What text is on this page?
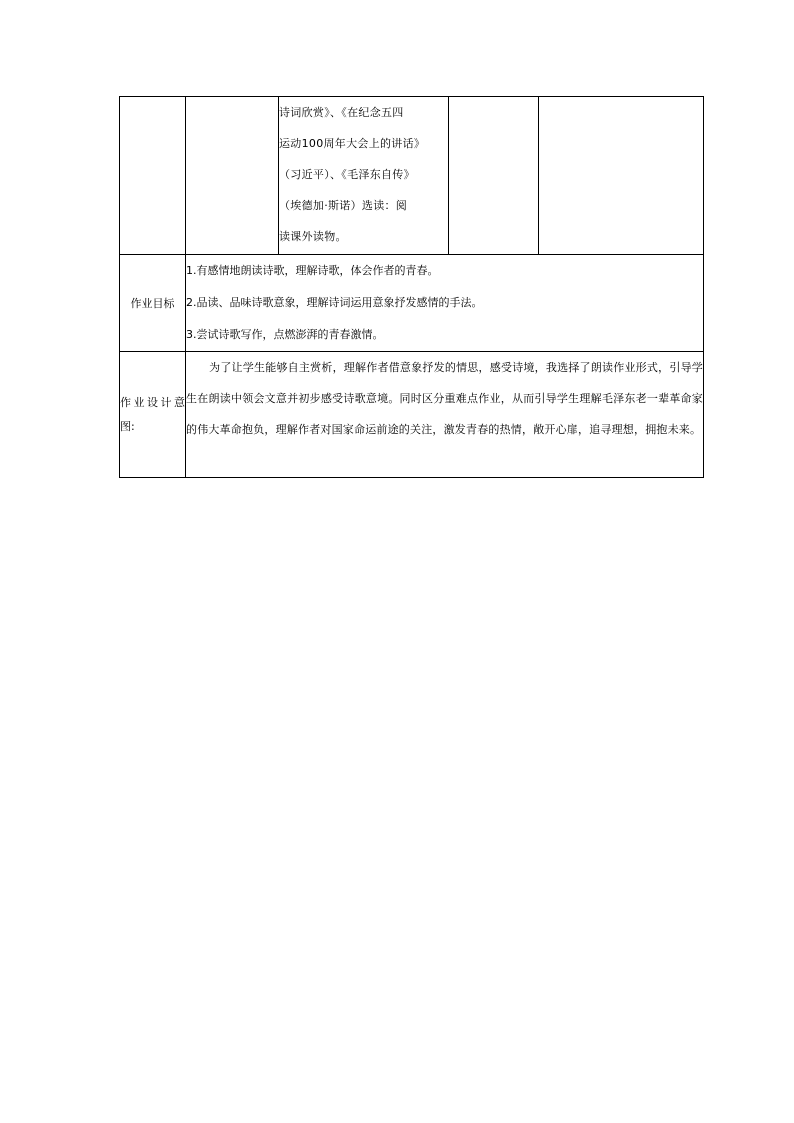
		诗词欣赏》、《在纪念五四
运动100周年大会上的讲话》
（习近平）、《毛泽东自传》
（埃德加·斯诺）选读：阅
读课外读物。		

作业目标	1.有感情地朗读诗歌，理解诗歌，体会作者的青春。
2.品读、品味诗歌意象，理解诗词运用意象抒发感情的手法。
3.尝试诗歌写作，点燃澎湃的青春激情。			

作业设计意图:	为了让学生能够自主赏析，理解作者借意象抒发的情思，感受诗境，我选择了朗读作业形式，引导学生在朗读中领会文意并初步感受诗歌意境。同时区分重难点作业，从而引导学生理解毛泽东老一辈革命家的伟大革命抱负，理解作者对国家命运前途的关注，激发青春的热情，敞开心扉，追寻理想，拥抱未来。			
